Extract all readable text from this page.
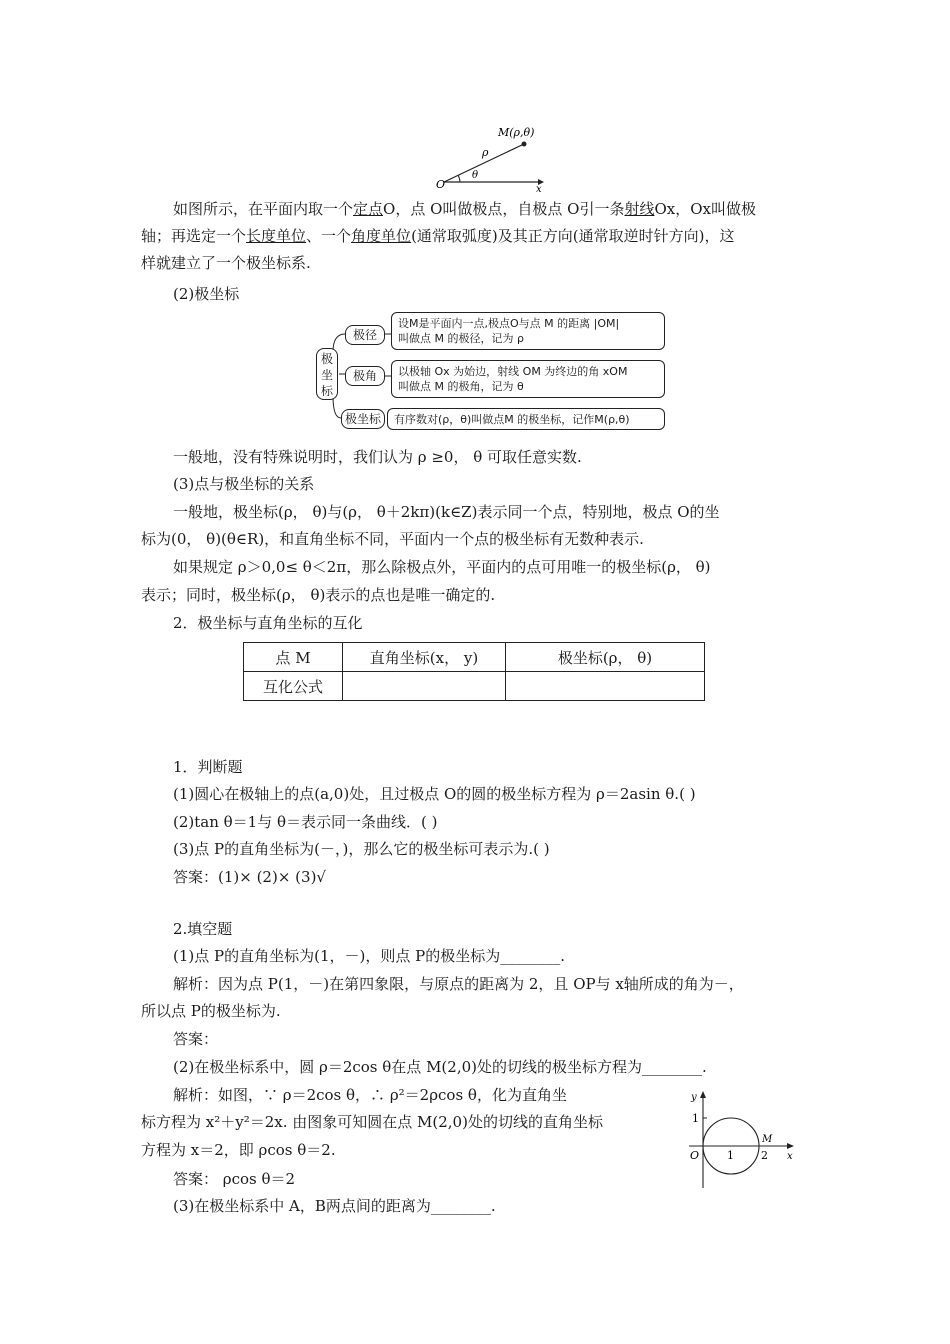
M(ρ,θ)
ρ
θ
O	x
如图所示，在平面内取一个定点O，点 O叫做极点，自极点 O引一条射线Ox，Ox叫做极
轴；再选定一个长度单位、一个角度单位(通常取弧度)及其正方向(通常取逆时针方向)，这
样就建立了一个极坐标系.
(2)极坐标
极坐标
极径
设M是平面内一点,极点O与点 M 的距离 |OM|
叫做点 M 的极径，记为 ρ
极角	以极轴 Ox 为始边，射线 OM 为终边的角 xOM
叫做点 M 的极角，记为 θ
极坐标	有序数对(ρ，θ)叫做点M 的极坐标，记作M(ρ,θ)
一般地，没有特殊说明时，我们认为 ρ ≥0， θ 可取任意实数.
(3)点与极坐标的关系
一般地，极坐标(ρ， θ)与(ρ， θ＋2kπ)(k∈Z)表示同一个点，特别地，极点 O的坐
标为(0， θ)(θ∈R)，和直角坐标不同，平面内一个点的极坐标有无数种表示.
如果规定 ρ＞0,0≤ θ＜2π，那么除极点外，平面内的点可用唯一的极坐标(ρ， θ)
表示；同时，极坐标(ρ， θ)表示的点也是唯一确定的.
2．极坐标与直角坐标的互化
点 M	直角坐标(x， y)	极坐标(ρ， θ)
互化公式		
1．判断题
(1)圆心在极轴上的点(a,0)处，且过极点 O的圆的极坐标方程为 ρ＝2asin θ.( )
(2)tan θ＝1与 θ＝表示同一条曲线．( )
(3)点 P的直角坐标为(－，)，那么它的极坐标可表示为.( )
答案：(1)× (2)× (3)√
2.填空题
(1)点 P的直角坐标为(1，－)，则点 P的极坐标为________.
解析：因为点 P(1，－)在第四象限，与原点的距离为 2，且 OP与 x轴所成的角为－，
所以点 P的极坐标为.
答案：
(2)在极坐标系中，圆 ρ＝2cos θ在点 M(2,0)处的切线的极坐标方程为________.
解析：如图，∵ ρ＝2cos θ，∴ ρ²＝2ρcos θ，化为直角坐
标方程为 x²＋y²＝2x. 由图象可知圆在点 M(2,0)处的切线的直角坐标
方程为 x＝2，即 ρcos θ＝2.
答案： ρcos θ＝2
(3)在极坐标系中 A，B两点间的距离为________.
y
1
O	1 2
M
x
